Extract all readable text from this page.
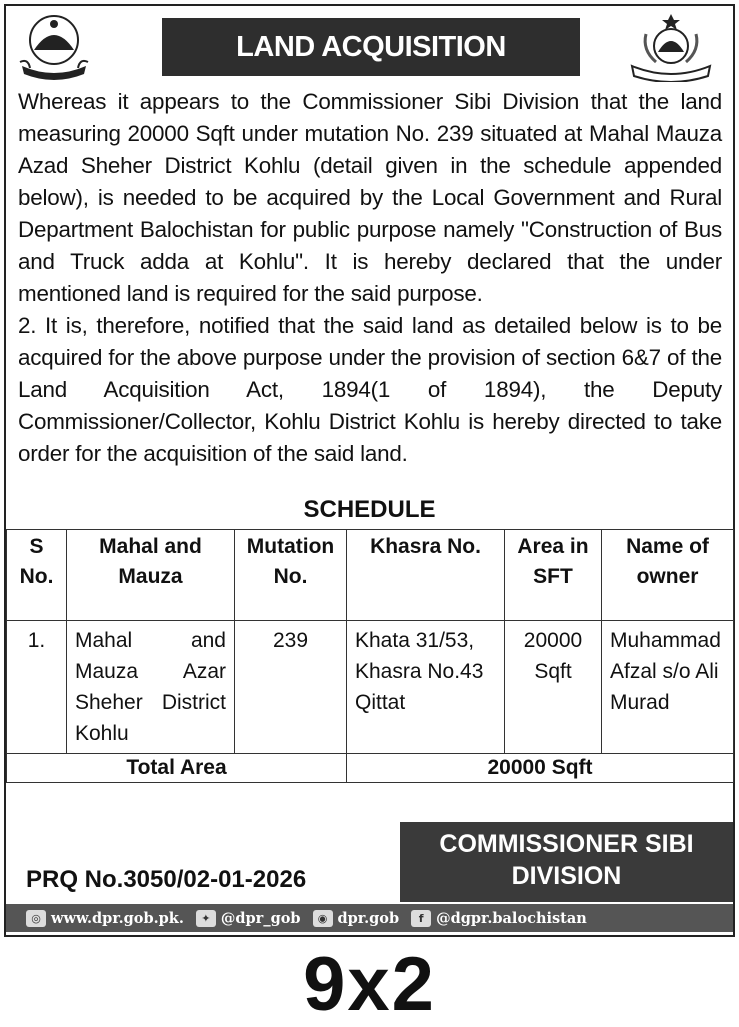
LAND ACQUISITION

Whereas it appears to the Commissioner Sibi Division that the land measuring 20000 Sqft under mutation No. 239 situated at Mahal Mauza Azad Sheher District Kohlu (detail given in the schedule appended below), is needed to be acquired by the Local Government and Rural Department Balochistan for public purpose namely "Construction of Bus and Truck adda at Kohlu". It is hereby declared that the under mentioned land is required for the said purpose.

2. It is, therefore, notified that the said land as detailed below is to be acquired for the above purpose under the provision of section 6&7 of the Land Acquisition Act, 1894(1 of 1894), the Deputy Commissioner/Collector, Kohlu District Kohlu is hereby directed to take order for the acquisition of the said land.

SCHEDULE
S No.	Mahal and Mauza	Mutation No.	Khasra No.	Area in SFT	Name of owner
1.	Mahal and Mauza Azar Sheher District Kohlu	239	Khata 31/53, Khasra No.43 Qittat	20000 Sqft	Muhammad Afzal s/o Ali Murad
Total Area			20000 Sqft		
COMMISSIONER SIBI
DIVISION
PRQ No.3050/02-01-2026
◎ www.dpr.gob.pk.	✦ @dpr_gob	◉ dpr.gob	f @dgpr.balochistan
9x2
